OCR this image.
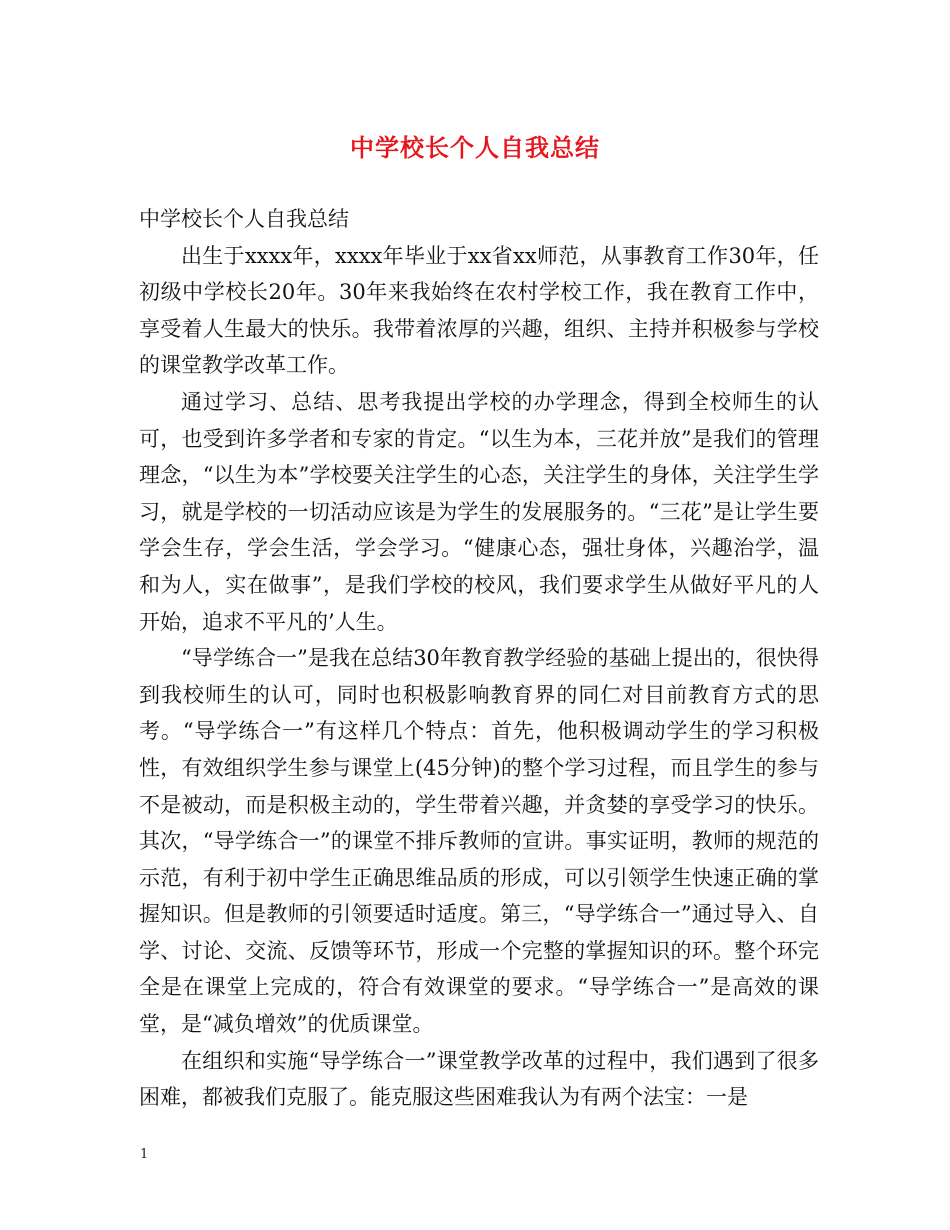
中学校长个人自我总结

中学校长个人自我总结

出生于xxxx年，xxxx年毕业于xx省xx师范，从事教育工作30年，任初级中学校长20年。30年来我始终在农村学校工作，我在教育工作中，享受着人生最大的快乐。我带着浓厚的兴趣，组织、主持并积极参与学校的课堂教学改革工作。

通过学习、总结、思考我提出学校的办学理念，得到全校师生的认可，也受到许多学者和专家的肯定。“以生为本，三花并放”是我们的管理理念，“以生为本”学校要关注学生的心态，关注学生的身体，关注学生学习，就是学校的一切活动应该是为学生的发展服务的。“三花”是让学生要学会生存，学会生活，学会学习。“健康心态，强壮身体，兴趣治学，温和为人，实在做事”，是我们学校的校风，我们要求学生从做好平凡的人开始，追求不平凡的’人生。

“导学练合一”是我在总结30年教育教学经验的基础上提出的，很快得到我校师生的认可，同时也积极影响教育界的同仁对目前教育方式的思考。“导学练合一”有这样几个特点：首先，他积极调动学生的学习积极性，有效组织学生参与课堂上(45分钟)的整个学习过程，而且学生的参与不是被动，而是积极主动的，学生带着兴趣，并贪婪的享受学习的快乐。其次，“导学练合一”的课堂不排斥教师的宣讲。事实证明，教师的规范的示范，有利于初中学生正确思维品质的形成，可以引领学生快速正确的掌握知识。但是教师的引领要适时适度。第三，“导学练合一”通过导入、自学、讨论、交流、反馈等环节，形成一个完整的掌握知识的环。整个环完全是在课堂上完成的，符合有效课堂的要求。“导学练合一”是高效的课堂，是“减负增效”的优质课堂。

在组织和实施“导学练合一”课堂教学改革的过程中，我们遇到了很多困难，都被我们克服了。能克服这些困难我认为有两个法宝：一是

1
